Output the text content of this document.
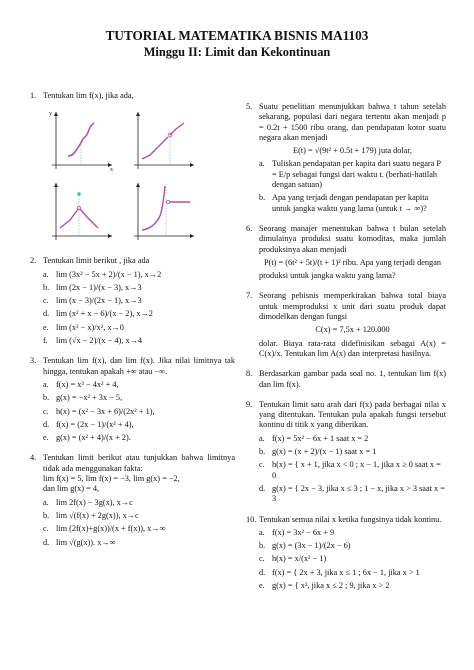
TUTORIAL MATEMATIKA BISNIS MA1103
Minggu II: Limit dan Kekontinuan
1. Tentukan lim f(x), jika ada,

x
y
2. Tentukan limit berikut , jika ada

a. lim (3x² − 5x + 2)/(x − 1), x→2
b. lim (2x − 1)/(x − 3), x→3
c. lim (x − 3)/(2x − 1), x→3
d. lim (x² + x − 6)/(x − 2), x→2
e. lim (x³ − x)/x², x→0
f. lim (√x − 2)/(x − 4), x→4
3. Tentukan lim f(x), dan lim f(x). Jika nilai limitnya tak hingga, tentukan apakah +∞ atau −∞.

a. f(x) = x³ − 4x² + 4,
b. g(x) = −x² + 3x − 5,
c. h(x) = (x² − 3x + 6)/(2x² + 1),
d. f(x) = (2x − 1)/(x² + 4),
e. g(x) = (x² + 4)/(x + 2).
4. Tentukan limit berikut atau tunjukkan bahwa limitnya tidak ada menggunakan fakta:

lim f(x) = 5, lim f(x) = −3, lim g(x) = −2,

dan lim g(x) = 4,

a. lim 2f(x) − 3g(x), x→c
b. lim √(f(x) + 2g(x)), x→c
c. lim (2f(x)+g(x))/(x + f(x)), x→∞
d. lim √(g(x)). x→∞
5. Suatu penelitian menunjukkan bahwa t tahun setelah sekarang, populasi dari negara tertentu akan menjadi p = 0.2t + 1500 ribu orang, dan pendapatan kotor suatu negara akan menjadi

E(t) = √(9t² + 0.5t + 179) juta dolar,

a. Tuliskan pendapatan per kapita dari suatu negara P = E/p sebagai fungsi dari waktu t. (berhati-hatilah dengan satuan)
b. Apa yang terjadi dengan pendapatan per kapita untuk jangka waktu yang lama (untuk t → ∞)?
6. Seorang manajer menentukan bahwa t bulan setelah dimulainya produksi suatu komoditas, maka jumlah produksinya akan menjadi

P(t) = (6t² + 5t)/(t + 1)² ribu. Apa yang terjadi dengan

produksi untuk jangka waktu yang lama?

7. Seorang pebisnis memperkirakan bahwa total biaya untuk memproduksi x unit dari suatu produk dapat dimodelkan dengan fungsi

C(x) = 7,5x + 120.000

dolar. Biaya rata-rata didefinisikan sebagai A(x) = C(x)/x. Tentukan lim A(x) dan interpretasi hasilnya.

8. Berdasarkan gambar pada soal no. 1, tentukan lim f(x) dan lim f(x).

9. Tentukan limit satu arah dari f(x) pada berbagai nilai x yang ditentukan. Tentukan pula apakah fungsi tersebut kontinu di titik x yang diberikan.

a. f(x) = 5x² − 6x + 1 saat x = 2
b. g(x) = (x + 2)/(x − 1) saat x = 1
c. h(x) = { x + 1, jika x < 0 ; x − 1, jika x ≥ 0 saat x = 0
d. g(x) = { 2x − 3, jika x ≤ 3 ; 1 − x, jika x > 3 saat x = 3
10. Tentukan semua nilai x ketika fungsinya tidak kontinu.

a. f(x) = 3x² − 6x + 9
b. g(x) = (3x − 1)/(2x − 6)
c. h(x) = x/(x² − 1)
d. f(x) = { 2x + 3, jika x ≤ 1 ; 6x − 1, jika x > 1
e. g(x) = { x², jika x ≤ 2 ; 9, jika x > 2
